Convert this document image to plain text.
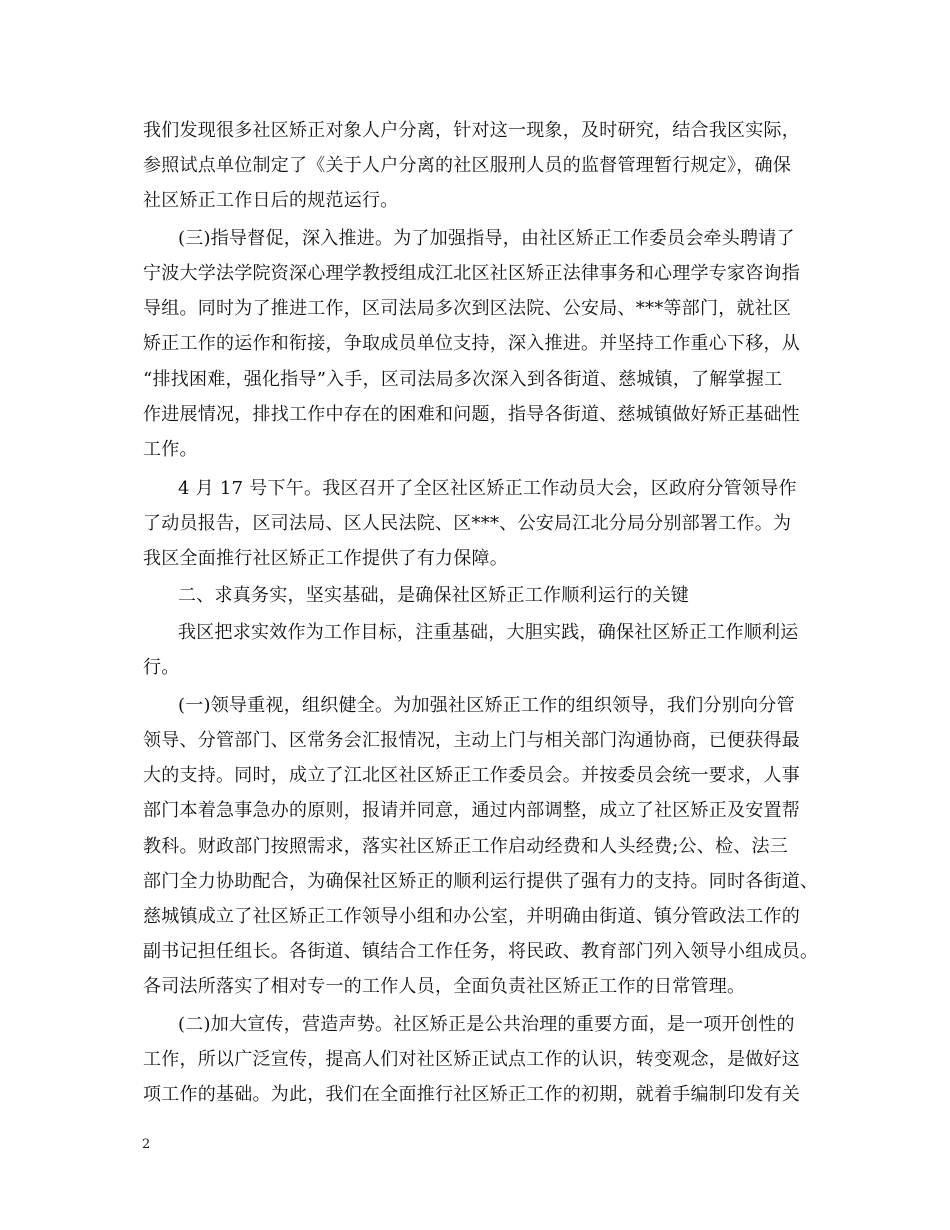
我们发现很多社区矫正对象人户分离，针对这一现象，及时研究，结合我区实际，
参照试点单位制定了《关于人户分离的社区服刑人员的监督管理暂行规定》，确保
社区矫正工作日后的规范运行。
(三)指导督促，深入推进。为了加强指导，由社区矫正工作委员会牵头聘请了
宁波大学法学院资深心理学教授组成江北区社区矫正法律事务和心理学专家咨询指
导组。同时为了推进工作，区司法局多次到区法院、公安局、***等部门，就社区
矫正工作的运作和衔接，争取成员单位支持，深入推进。并坚持工作重心下移，从
“排找困难，强化指导”入手，区司法局多次深入到各街道、慈城镇，了解掌握工
作进展情况，排找工作中存在的困难和问题，指导各街道、慈城镇做好矫正基础性
工作。
4 月 17 号下午。我区召开了全区社区矫正工作动员大会，区政府分管领导作
了动员报告，区司法局、区人民法院、区***、公安局江北分局分别部署工作。为
我区全面推行社区矫正工作提供了有力保障。
二、求真务实，坚实基础，是确保社区矫正工作顺利运行的关键
我区把求实效作为工作目标，注重基础，大胆实践，确保社区矫正工作顺利运
行。
(一)领导重视，组织健全。为加强社区矫正工作的组织领导，我们分别向分管
领导、分管部门、区常务会汇报情况，主动上门与相关部门沟通协商，已便获得最
大的支持。同时，成立了江北区社区矫正工作委员会。并按委员会统一要求，人事
部门本着急事急办的原则，报请并同意，通过内部调整，成立了社区矫正及安置帮
教科。财政部门按照需求，落实社区矫正工作启动经费和人头经费;公、检、法三
部门全力协助配合，为确保社区矫正的顺利运行提供了强有力的支持。同时各街道、
慈城镇成立了社区矫正工作领导小组和办公室，并明确由街道、镇分管政法工作的
副书记担任组长。各街道、镇结合工作任务，将民政、教育部门列入领导小组成员。
各司法所落实了相对专一的工作人员，全面负责社区矫正工作的日常管理。
(二)加大宣传，营造声势。社区矫正是公共治理的重要方面，是一项开创性的
工作，所以广泛宣传，提高人们对社区矫正试点工作的认识，转变观念，是做好这
项工作的基础。为此，我们在全面推行社区矫正工作的初期，就着手编制印发有关
2
